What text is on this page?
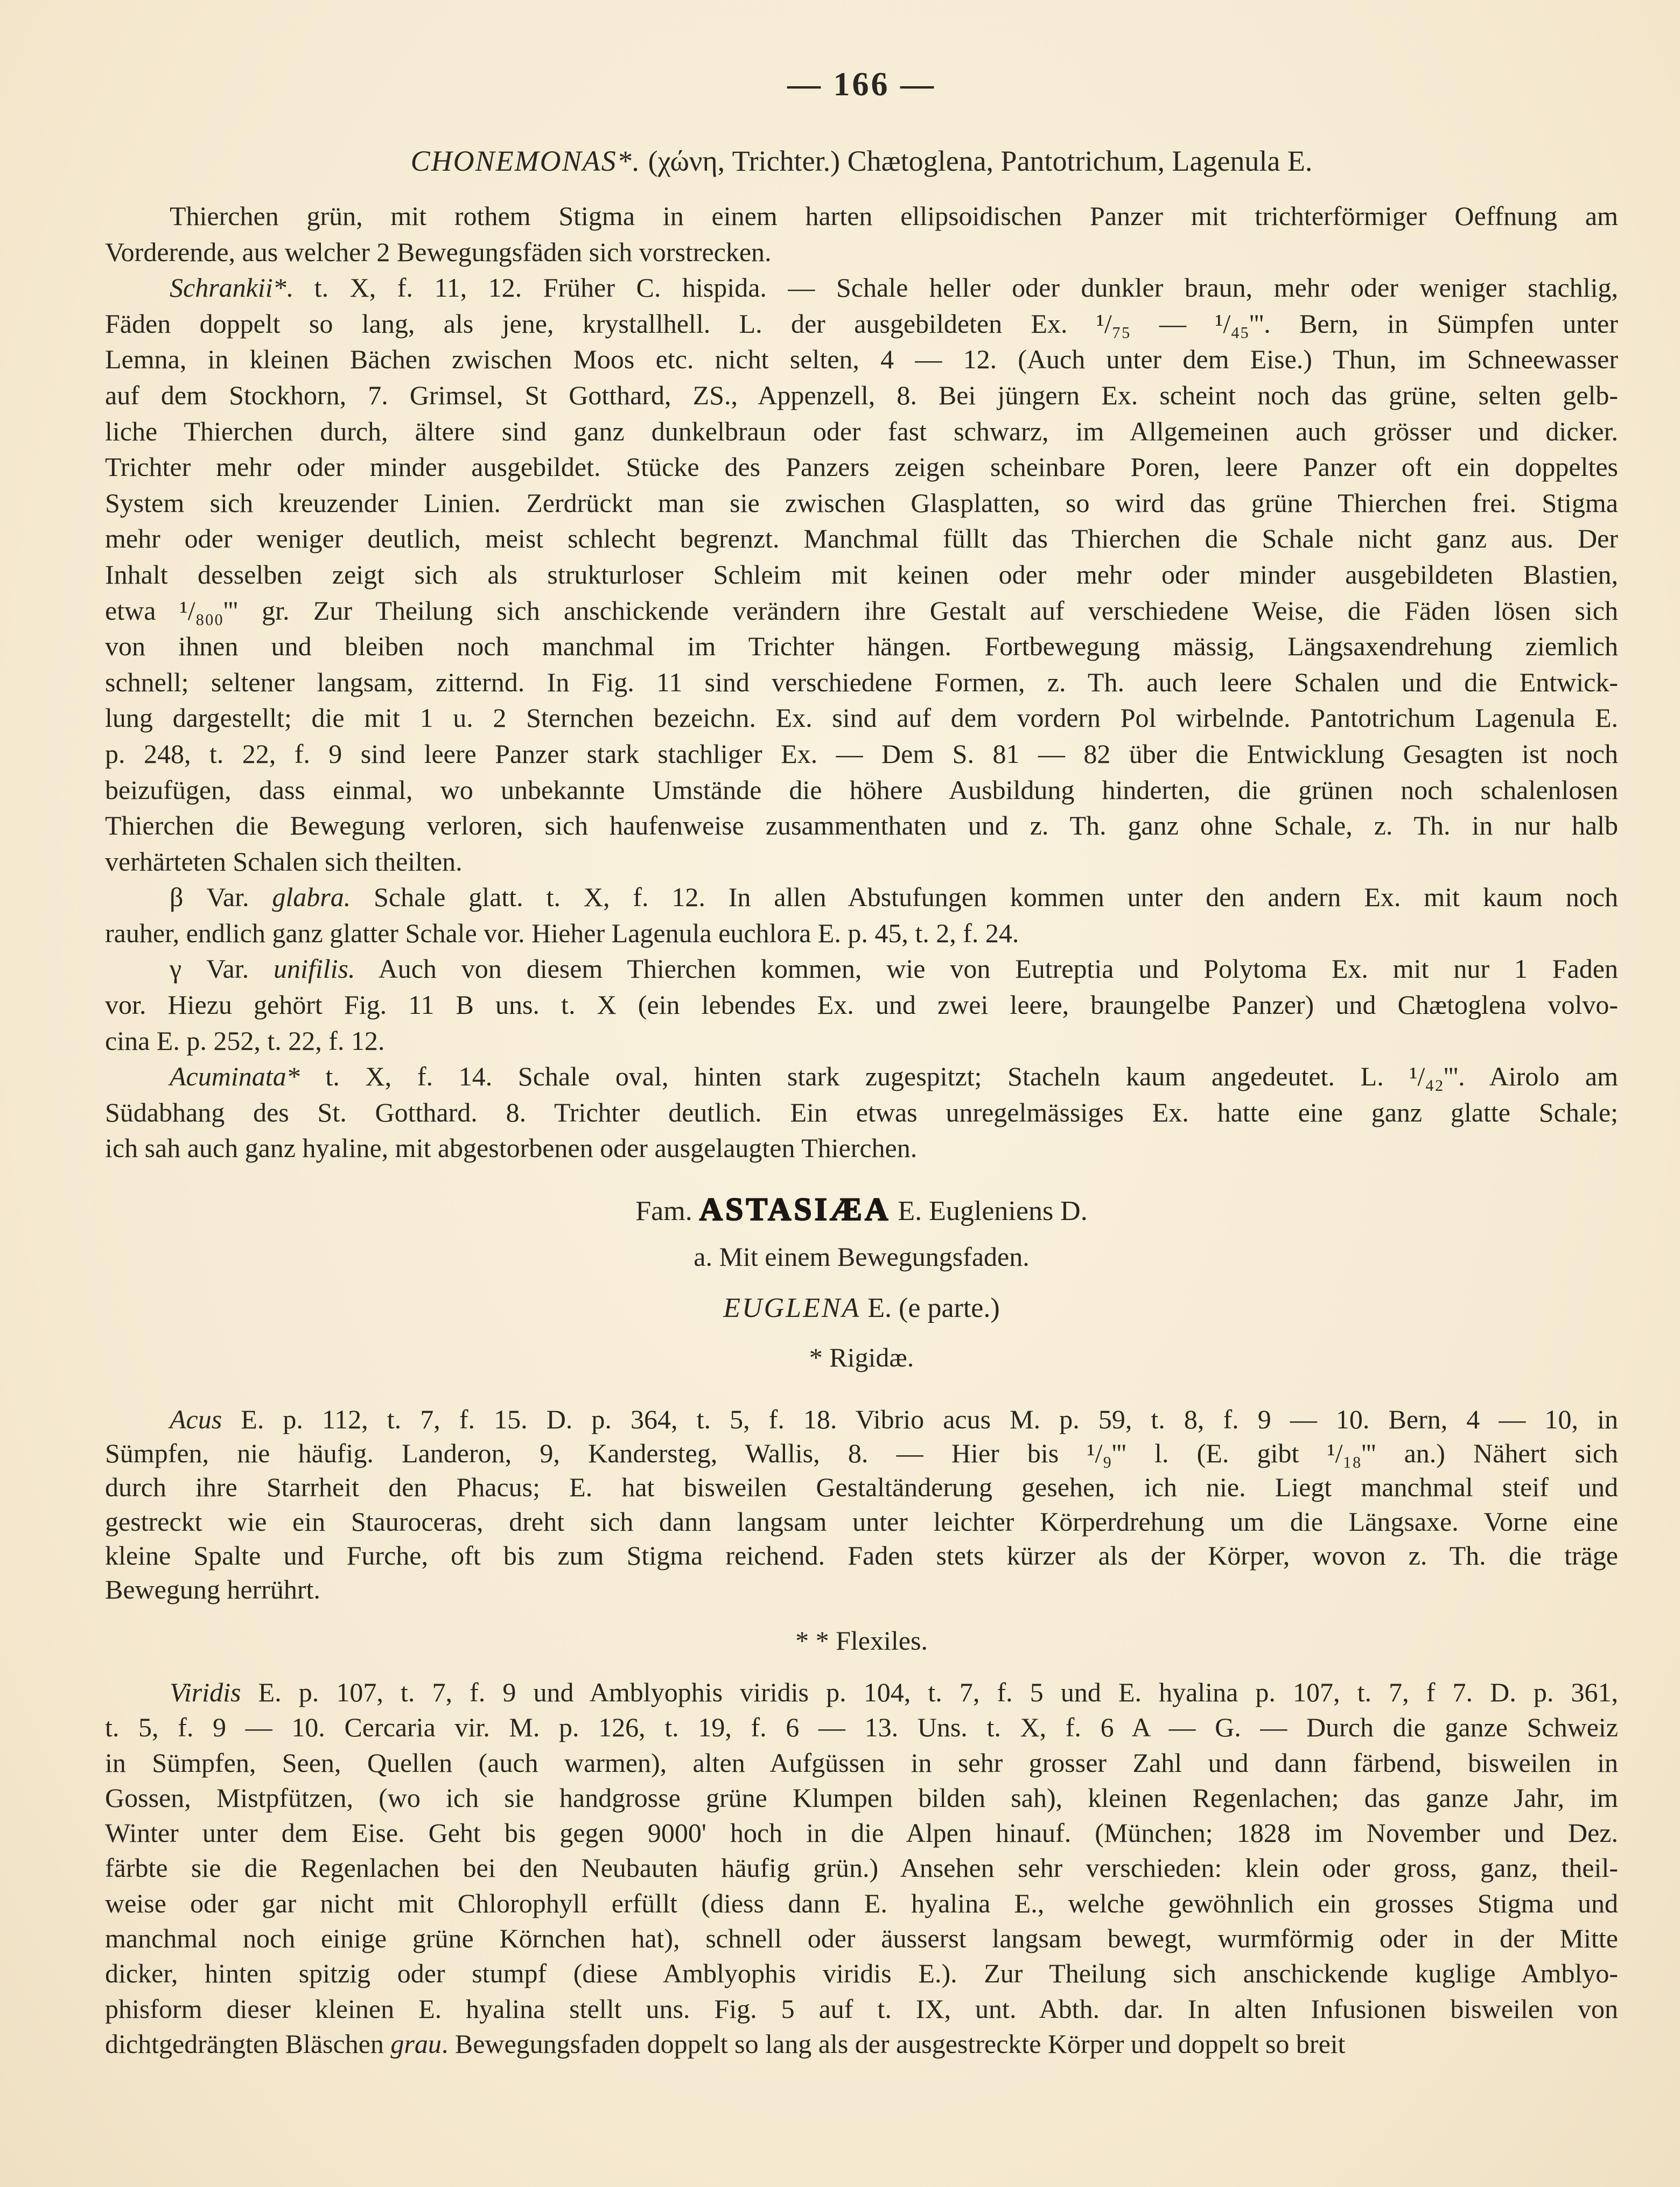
— 166 —
CHONEMONAS*. (χώνη, Trichter.) Chætoglena, Pantotrichum, Lagenula E.
Thierchen grün, mit rothem Stigma in einem harten ellipsoidischen Panzer mit trichterförmiger Oeffnung am
Vorderende, aus welcher 2 Bewegungsfäden sich vorstrecken.
Schrankii*. t. X, f. 11, 12. Früher C. hispida. — Schale heller oder dunkler braun, mehr oder weniger stachlig,
Fäden doppelt so lang, als jene, krystallhell. L. der ausgebildeten Ex. ¹/₇₅ — ¹/₄₅'''. Bern, in Sümpfen unter
Lemna, in kleinen Bächen zwischen Moos etc. nicht selten, 4 — 12. (Auch unter dem Eise.) Thun, im Schneewasser
auf dem Stockhorn, 7. Grimsel, St Gotthard, ZS., Appenzell, 8. Bei jüngern Ex. scheint noch das grüne, selten gelb-
liche Thierchen durch, ältere sind ganz dunkelbraun oder fast schwarz, im Allgemeinen auch grösser und dicker.
Trichter mehr oder minder ausgebildet. Stücke des Panzers zeigen scheinbare Poren, leere Panzer oft ein doppeltes
System sich kreuzender Linien. Zerdrückt man sie zwischen Glasplatten, so wird das grüne Thierchen frei. Stigma
mehr oder weniger deutlich, meist schlecht begrenzt. Manchmal füllt das Thierchen die Schale nicht ganz aus. Der
Inhalt desselben zeigt sich als strukturloser Schleim mit keinen oder mehr oder minder ausgebildeten Blastien,
etwa ¹/₈₀₀''' gr. Zur Theilung sich anschickende verändern ihre Gestalt auf verschiedene Weise, die Fäden lösen sich
von ihnen und bleiben noch manchmal im Trichter hängen. Fortbewegung mässig, Längsaxendrehung ziemlich
schnell; seltener langsam, zitternd. In Fig. 11 sind verschiedene Formen, z. Th. auch leere Schalen und die Entwick-
lung dargestellt; die mit 1 u. 2 Sternchen bezeichn. Ex. sind auf dem vordern Pol wirbelnde. Pantotrichum Lagenula E.
p. 248, t. 22, f. 9 sind leere Panzer stark stachliger Ex. — Dem S. 81 — 82 über die Entwicklung Gesagten ist noch
beizufügen, dass einmal, wo unbekannte Umstände die höhere Ausbildung hinderten, die grünen noch schalenlosen
Thierchen die Bewegung verloren, sich haufenweise zusammenthaten und z. Th. ganz ohne Schale, z. Th. in nur halb
verhärteten Schalen sich theilten.
β Var. glabra. Schale glatt. t. X, f. 12. In allen Abstufungen kommen unter den andern Ex. mit kaum noch
rauher, endlich ganz glatter Schale vor. Hieher Lagenula euchlora E. p. 45, t. 2, f. 24.
γ Var. unifilis. Auch von diesem Thierchen kommen, wie von Eutreptia und Polytoma Ex. mit nur 1 Faden
vor. Hiezu gehört Fig. 11 B uns. t. X (ein lebendes Ex. und zwei leere, braungelbe Panzer) und Chætoglena volvo-
cina E. p. 252, t. 22, f. 12.
Acuminata* t. X, f. 14. Schale oval, hinten stark zugespitzt; Stacheln kaum angedeutet. L. ¹/₄₂'''. Airolo am
Südabhang des St. Gotthard. 8. Trichter deutlich. Ein etwas unregelmässiges Ex. hatte eine ganz glatte Schale;
ich sah auch ganz hyaline, mit abgestorbenen oder ausgelaugten Thierchen.
Fam. ASTASIÆA E. Eugleniens D.
a. Mit einem Bewegungsfaden.
EUGLENA E. (e parte.)
* Rigidæ.
Acus E. p. 112, t. 7, f. 15. D. p. 364, t. 5, f. 18. Vibrio acus M. p. 59, t. 8, f. 9 — 10. Bern, 4 — 10, in
Sümpfen, nie häufig. Landeron, 9, Kandersteg, Wallis, 8. — Hier bis ¹/₉''' l. (E. gibt ¹/₁₈''' an.) Nähert sich
durch ihre Starrheit den Phacus; E. hat bisweilen Gestaltänderung gesehen, ich nie. Liegt manchmal steif und
gestreckt wie ein Stauroceras, dreht sich dann langsam unter leichter Körperdrehung um die Längsaxe. Vorne eine
kleine Spalte und Furche, oft bis zum Stigma reichend. Faden stets kürzer als der Körper, wovon z. Th. die träge
Bewegung herrührt.
* * Flexiles.
Viridis E. p. 107, t. 7, f. 9 und Amblyophis viridis p. 104, t. 7, f. 5 und E. hyalina p. 107, t. 7, f 7. D. p. 361,
t. 5, f. 9 — 10. Cercaria vir. M. p. 126, t. 19, f. 6 — 13. Uns. t. X, f. 6 A — G. — Durch die ganze Schweiz
in Sümpfen, Seen, Quellen (auch warmen), alten Aufgüssen in sehr grosser Zahl und dann färbend, bisweilen in
Gossen, Mistpfützen, (wo ich sie handgrosse grüne Klumpen bilden sah), kleinen Regenlachen; das ganze Jahr, im
Winter unter dem Eise. Geht bis gegen 9000' hoch in die Alpen hinauf. (München; 1828 im November und Dez.
färbte sie die Regenlachen bei den Neubauten häufig grün.) Ansehen sehr verschieden: klein oder gross, ganz, theil-
weise oder gar nicht mit Chlorophyll erfüllt (diess dann E. hyalina E., welche gewöhnlich ein grosses Stigma und
manchmal noch einige grüne Körnchen hat), schnell oder äusserst langsam bewegt, wurmförmig oder in der Mitte
dicker, hinten spitzig oder stumpf (diese Amblyophis viridis E.). Zur Theilung sich anschickende kuglige Amblyo-
phisform dieser kleinen E. hyalina stellt uns. Fig. 5 auf t. IX, unt. Abth. dar. In alten Infusionen bisweilen von
dichtgedrängten Bläschen grau. Bewegungsfaden doppelt so lang als der ausgestreckte Körper und doppelt so breit
